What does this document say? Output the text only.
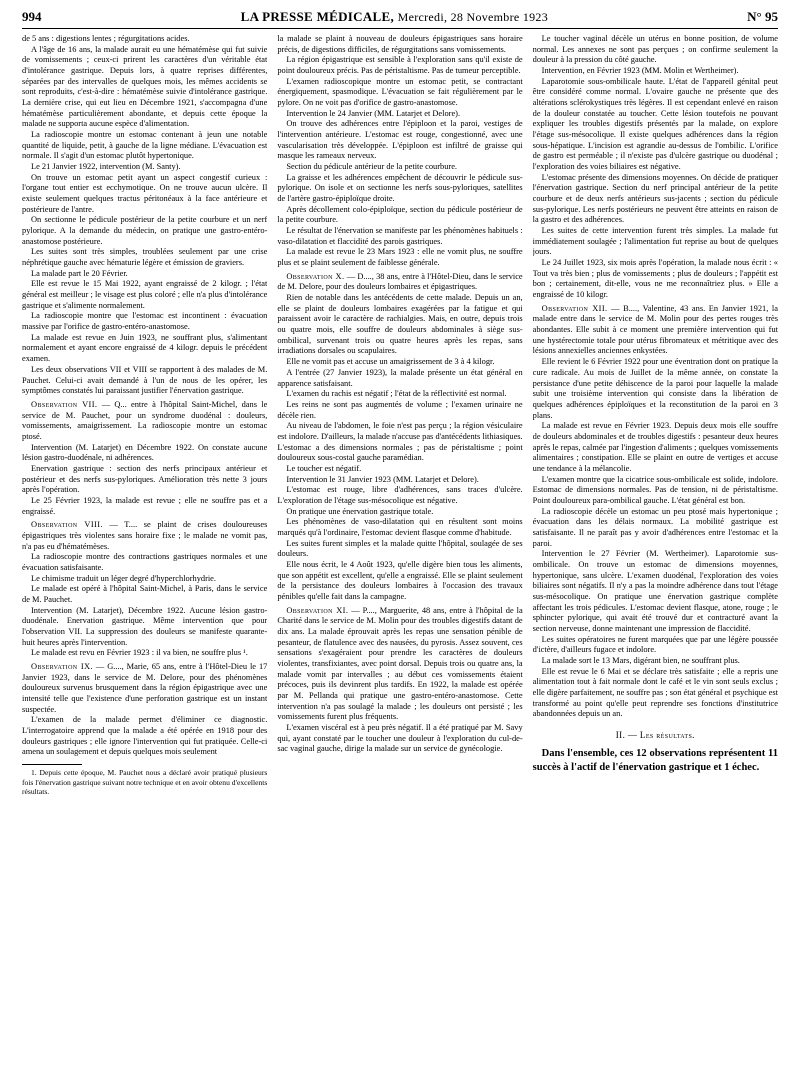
994	LA PRESSE MÉDICALE, Mercredi, 28 Novembre 1923	N° 95

de 5 ans : digestions lentes ; régurgitations acides.

A l'âge de 16 ans, la malade aurait eu une hématémèse qui fut suivie de vomissements ; ceux-ci prirent les caractères d'un véritable état d'intolérance gastrique. Depuis lors, à quatre reprises différentes, séparées par des intervalles de quelques mois, les mêmes accidents se sont reproduits, c'est-à-dire : hématémèse suivie d'intolérance gastrique. La dernière crise, qui eut lieu en Décembre 1921, s'accompagna d'une hématémèse particulièrement abondante, et depuis cette époque la malade ne supporta aucune espèce d'alimentation.

La radioscopie montre un estomac contenant à jeun une notable quantité de liquide, petit, à gauche de la ligne médiane. L'évacuation est normale. Il s'agit d'un estomac plutôt hypertonique.

Le 21 Janvier 1922, intervention (M. Santy).

On trouve un estomac petit ayant un aspect congestif curieux : l'organe tout entier est ecchymotique. On ne trouve aucun ulcère. Il existe seulement quelques tractus péritonéaux à la face antérieure et postérieure de l'antre.

On sectionne le pédicule postérieur de la petite courbure et un nerf pylorique. A la demande du médecin, on pratique une gastro-entéro-anastomose postérieure.

Les suites sont très simples, troublées seulement par une crise néphrétique gauche avec hématurie légère et émission de graviers.

La malade part le 20 Février.

Elle est revue le 15 Mai 1922, ayant engraissé de 2 kilogr. ; l'état général est meilleur ; le visage est plus coloré ; elle n'a plus d'intolérance gastrique et s'alimente normalement.

La radioscopie montre que l'estomac est incontinent : évacuation massive par l'orifice de gastro-entéro-anastomose.

La malade est revue en Juin 1923, ne souffrant plus, s'alimentant normalement et ayant encore engraissé de 4 kilogr. depuis le précédent examen.

Les deux observations VII et VIII se rapportent à des malades de M. Pauchet. Celui-ci avait demandé à l'un de nous de les opérer, les symptômes constatés lui paraissant justifier l'énervation gastrique.

Observation VII. — Q... entre à l'hôpital Saint-Michel, dans le service de M. Pauchet, pour un syndrome duodénal : douleurs, vomissements, amaigrissement. La radioscopie montre un estomac ptosé.

Intervention (M. Latarjet) en Décembre 1922. On constate aucune lésion gastro-duodénale, ni adhérences.

Enervation gastrique : section des nerfs principaux antérieur et postérieur et des nerfs sus-pyloriques. Amélioration très nette 3 jours après l'opération.

Le 25 Février 1923, la malade est revue ; elle ne souffre pas et a engraissé.

Observation VIII. — T.... se plaint de crises douloureuses épigastriques très violentes sans horaire fixe ; le malade ne vomit pas, n'a pas eu d'hématémèses.

La radioscopie montre des contractions gastriques normales et une évacuation satisfaisante.

Le chimisme traduit un léger degré d'hyperchlorhydrie.

Le malade est opéré à l'hôpital Saint-Michel, à Paris, dans le service de M. Pauchet.

Intervention (M. Latarjet), Décembre 1922. Aucune lésion gastro-duodénale. Enervation gastrique. Même intervention que pour l'observation VII. La suppression des douleurs se manifeste quarante-huit heures après l'intervention.

Le malade est revu en Février 1923 : il va bien, ne souffre plus ¹.

Observation IX. — G...., Marie, 65 ans, entre à l'Hôtel-Dieu le 17 Janvier 1923, dans le service de M. Delore, pour des phénomènes douloureux survenus brusquement dans la région épigastrique avec une intensité telle que l'existence d'une perforation gastrique est un instant suspectée.

L'examen de la malade permet d'éliminer ce diagnostic. L'interrogatoire apprend que la malade a été opérée en 1918 pour des douleurs gastriques ; elle ignore l'intervention qui fut pratiquée. Celle-ci amena un soulagement et depuis quelques mois seulement

1. Depuis cette époque, M. Pauchet nous a déclaré avoir pratiqué plusieurs fois l'énervation gastrique suivant notre technique et en avoir obtenu d'excellents résultats.

la malade se plaint à nouveau de douleurs épigastriques sans horaire précis, de digestions difficiles, de régurgitations sans vomissements.

La région épigastrique est sensible à l'exploration sans qu'il existe de point douloureux précis. Pas de péristaltisme. Pas de tumeur perceptible.

L'examen radioscopique montre un estomac petit, se contractant énergiquement, spasmodique. L'évacuation se fait régulièrement par le pylore. On ne voit pas d'orifice de gastro-anastomose.

Intervention le 24 Janvier (MM. Latarjet et Delore).

On trouve des adhérences entre l'épiploon et la paroi, vestiges de l'intervention antérieure. L'estomac est rouge, congestionné, avec une vascularisation très développée. L'épiploon est infiltré de graisse qui masque les rameaux nerveux.

Section du pédicule antérieur de la petite courbure.

La graisse et les adhérences empêchent de découvrir le pédicule sus-pylorique. On isole et on sectionne les nerfs sous-pyloriques, satellites de l'artère gastro-épiploïque droite.

Après décollement colo-épiploïque, section du pédicule postérieur de la petite courbure.

Le résultat de l'énervation se manifeste par les phénomènes habituels : vaso-dilatation et flaccidité des parois gastriques.

La malade est revue le 23 Mars 1923 : elle ne vomit plus, ne souffre plus et se plaint seulement de faiblesse générale.

Observation X. — D...., 38 ans, entre à l'Hôtel-Dieu, dans le service de M. Delore, pour des douleurs lombaires et épigastriques.

Rien de notable dans les antécédents de cette malade. Depuis un an, elle se plaint de douleurs lombaires exagérées par la fatigue et qui paraissent avoir le caractère de rachialgies. Mais, en outre, depuis trois ou quatre mois, elle souffre de douleurs abdominales à siège sus-ombilical, survenant trois ou quatre heures après les repas, sans irradiations dorsales ou scapulaires.

Elle ne vomit pas et accuse un amaigrissement de 3 à 4 kilogr.

A l'entrée (27 Janvier 1923), la malade présente un état général en apparence satisfaisant.

L'examen du rachis est négatif ; l'état de la réflectivité est normal.

Les reins ne sont pas augmentés de volume ; l'examen urinaire ne décèle rien.

Au niveau de l'abdomen, le foie n'est pas perçu ; la région vésiculaire est indolore. D'ailleurs, la malade n'accuse pas d'antécédents lithiasiques. L'estomac a des dimensions normales ; pas de péristaltisme ; point douloureux sous-costal gauche paramédian.

Le toucher est négatif.

Intervention le 31 Janvier 1923 (MM. Latarjet et Delore).

L'estomac est rouge, libre d'adhérences, sans traces d'ulcère. L'exploration de l'étage sus-mésocolique est négative.

On pratique une énervation gastrique totale.

Les phénomènes de vaso-dilatation qui en résultent sont moins marqués qu'à l'ordinaire, l'estomac devient flasque comme d'habitude.

Les suites furent simples et la malade quitte l'hôpital, soulagée de ses douleurs.

Elle nous écrit, le 4 Août 1923, qu'elle digère bien tous les aliments, que son appétit est excellent, qu'elle a engraissé. Elle se plaint seulement de la persistance des douleurs lombaires à l'occasion des travaux pénibles qu'elle fait dans la campagne.

Observation XI. — P...., Marguerite, 48 ans, entre à l'hôpital de la Charité dans le service de M. Molin pour des troubles digestifs datant de dix ans. La malade éprouvait après les repas une sensation pénible de pesanteur, de flatulence avec des nausées, du pyrosis. Assez souvent, ces sensations s'exagéraient pour prendre les caractères de douleurs violentes, transfixiantes, avec point dorsal. Depuis trois ou quatre ans, la malade vomit par intervalles ; au début ces vomissements étaient précoces, puis ils devinrent plus tardifs. En 1922, la malade est opérée par M. Pellanda qui pratique une gastro-entéro-anastomose. Cette intervention n'a pas soulagé la malade ; les douleurs ont persisté ; les vomissements furent plus fréquents.

L'examen viscéral est à peu près négatif. Il a été pratiqué par M. Savy qui, ayant constaté par le toucher une douleur à l'exploration du cul-de-sac vaginal gauche, dirige la malade sur un service de gynécologie.

Le toucher vaginal décèle un utérus en bonne position, de volume normal. Les annexes ne sont pas perçues ; on confirme seulement la douleur à la pression du côté gauche.

Intervention, en Février 1923 (MM. Molin et Wertheimer).

Laparotomie sous-ombilicale haute. L'état de l'appareil génital peut être considéré comme normal. L'ovaire gauche ne présente que des altérations sclérokystiques très légères. Il est cependant enlevé en raison de la douleur constatée au toucher. Cette lésion toutefois ne pouvant expliquer les troubles digestifs présentés par la malade, on explore l'étage sus-mésocolique. Il existe quelques adhérences dans la région sous-hépatique. L'incision est agrandie au-dessus de l'ombilic. L'orifice de gastro est perméable ; il n'existe pas d'ulcère gastrique ou duodénal ; l'exploration des voies biliaires est négative.

L'estomac présente des dimensions moyennes. On décide de pratiquer l'énervation gastrique. Section du nerf principal antérieur de la petite courbure et de deux nerfs antérieurs sus-jacents ; section du pédicule sus-pylorique. Les nerfs postérieurs ne peuvent être atteints en raison de la gastro et des adhérences.

Les suites de cette intervention furent très simples. La malade fut immédiatement soulagée ; l'alimentation fut reprise au bout de quelques jours.

Le 24 Juillet 1923, six mois après l'opération, la malade nous écrit : « Tout va très bien ; plus de vomissements ; plus de douleurs ; l'appétit est bon ; certainement, dit-elle, vous ne me reconnaîtriez plus. » Elle a engraissé de 10 kilogr.

Observation XII. — B...., Valentine, 43 ans. En Janvier 1921, la malade entre dans le service de M. Molin pour des pertes rouges très abondantes. Elle subit à ce moment une première intervention qui fut une hystérectomie totale pour utérus fibromateux et métritique avec des lésions annexielles anciennes enkystées.

Elle revient le 6 Février 1922 pour une éventration dont on pratique la cure radicale. Au mois de Juillet de la même année, on constate la persistance d'une petite déhiscence de la paroi pour laquelle la malade subit une troisième intervention qui consiste dans la libération de quelques adhérences épiploïques et la reconstitution de la paroi en 3 plans.

La malade est revue en Février 1923. Depuis deux mois elle souffre de douleurs abdominales et de troubles digestifs : pesanteur deux heures après le repas, calmée par l'ingestion d'aliments ; quelques vomissements alimentaires ; constipation. Elle se plaint en outre de vertiges et accuse une tendance à la mélancolie.

L'examen montre que la cicatrice sous-ombilicale est solide, indolore. Estomac de dimensions normales. Pas de tension, ni de péristaltisme. Point douloureux para-ombilical gauche. L'état général est bon.

La radioscopie décèle un estomac un peu ptosé mais hypertonique ; évacuation dans les délais normaux. La mobilité gastrique est satisfaisante. Il ne paraît pas y avoir d'adhérences entre l'estomac et la paroi.

Intervention le 27 Février (M. Wertheimer). Laparotomie sus-ombilicale. On trouve un estomac de dimensions moyennes, hypertonique, sans ulcère. L'examen duodénal, l'exploration des voies biliaires sont négatifs. Il n'y a pas la moindre adhérence dans tout l'étage sus-mésocolique. On pratique une énervation gastrique complète affectant les trois pédicules. L'estomac devient flasque, atone, rouge ; le sphincter pylorique, qui avait été trouvé dur et contracturé avant la section nerveuse, donne maintenant une impression de flaccidité.

Les suites opératoires ne furent marquées que par une légère poussée d'ictère, d'ailleurs fugace et indolore.

La malade sort le 13 Mars, digérant bien, ne souffrant plus.

Elle est revue le 6 Mai et se déclare très satisfaite ; elle a repris une alimentation tout à fait normale dont le café et le vin sont seuls exclus ; elle digère parfaitement, ne souffre pas ; son état général et psychique est transformé au point qu'elle peut reprendre ses fonctions d'institutrice abandonnées depuis un an.

II. — Les résultats.

Dans l'ensemble, ces 12 observations représentent 11 succès à l'actif de l'énervation gastrique et 1 échec.
